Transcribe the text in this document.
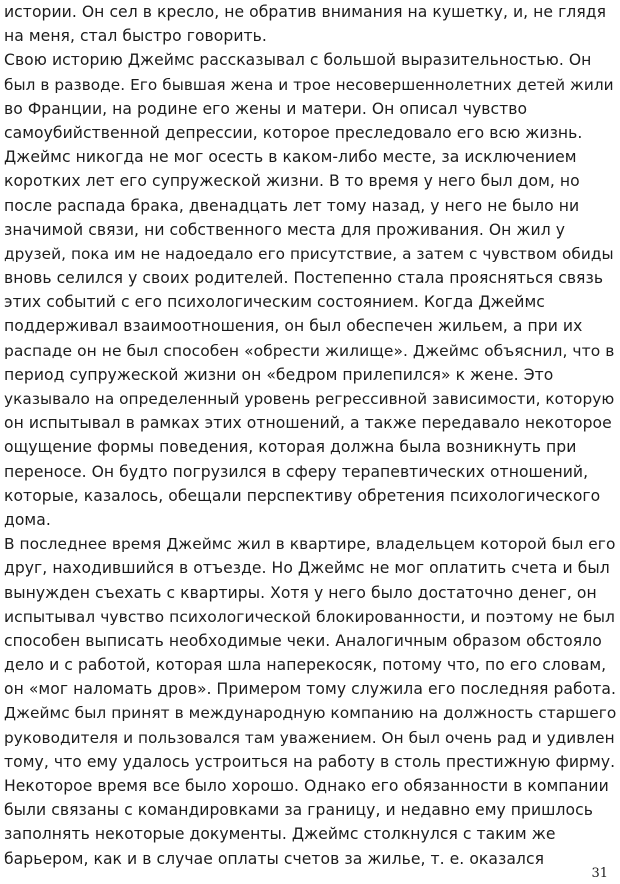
истории. Он сел в кресло, не обратив внимания на кушетку, и, не глядя
на меня, стал быстро говорить.
Свою историю Джеймс рассказывал с большой выразительностью. Он
был в разводе. Его бывшая жена и трое несовершеннолетних детей жили
во Франции, на родине его жены и матери. Он описал чувство
самоубийственной депрессии, которое преследовало его всю жизнь.
Джеймс никогда не мог осесть в каком-либо месте, за исключением
коротких лет его супружеской жизни. В то время у него был дом, но
после распада брака, двенадцать лет тому назад, у него не было ни
значимой связи, ни собственного места для проживания. Он жил у
друзей, пока им не надоедало его присутствие, а затем с чувством обиды
вновь селился у своих родителей. Постепенно стала проясняться связь
этих событий с его психологическим состоянием. Когда Джеймс
поддерживал взаимоотношения, он был обеспечен жильем, а при их
распаде он не был способен «обрести жилище». Джеймс объяснил, что в
период супружеской жизни он «бедром прилепился» к жене. Это
указывало на определенный уровень регрессивной зависимости, которую
он испытывал в рамках этих отношений, а также передавало некоторое
ощущение формы поведения, которая должна была возникнуть при
переносе. Он будто погрузился в сферу терапевтических отношений,
которые, казалось, обещали перспективу обретения психологического
дома.
В последнее время Джеймс жил в квартире, владельцем которой был его
друг, находившийся в отъезде. Но Джеймс не мог оплатить счета и был
вынужден съехать с квартиры. Хотя у него было достаточно денег, он
испытывал чувство психологической блокированности, и поэтому не был
способен выписать необходимые чеки. Аналогичным образом обстояло
дело и с работой, которая шла наперекосяк, потому что, по его словам,
он «мог наломать дров». Примером тому служила его последняя работа.
Джеймс был принят в международную компанию на должность старшего
руководителя и пользовался там уважением. Он был очень рад и удивлен
тому, что ему удалось устроиться на работу в столь престижную фирму.
Некоторое время все было хорошо. Однако его обязанности в компании
были связаны с командировками за границу, и недавно ему пришлось
заполнять некоторые документы. Джеймс столкнулся с таким же
барьером, как и в случае оплаты счетов за жилье, т. е. оказался
31
